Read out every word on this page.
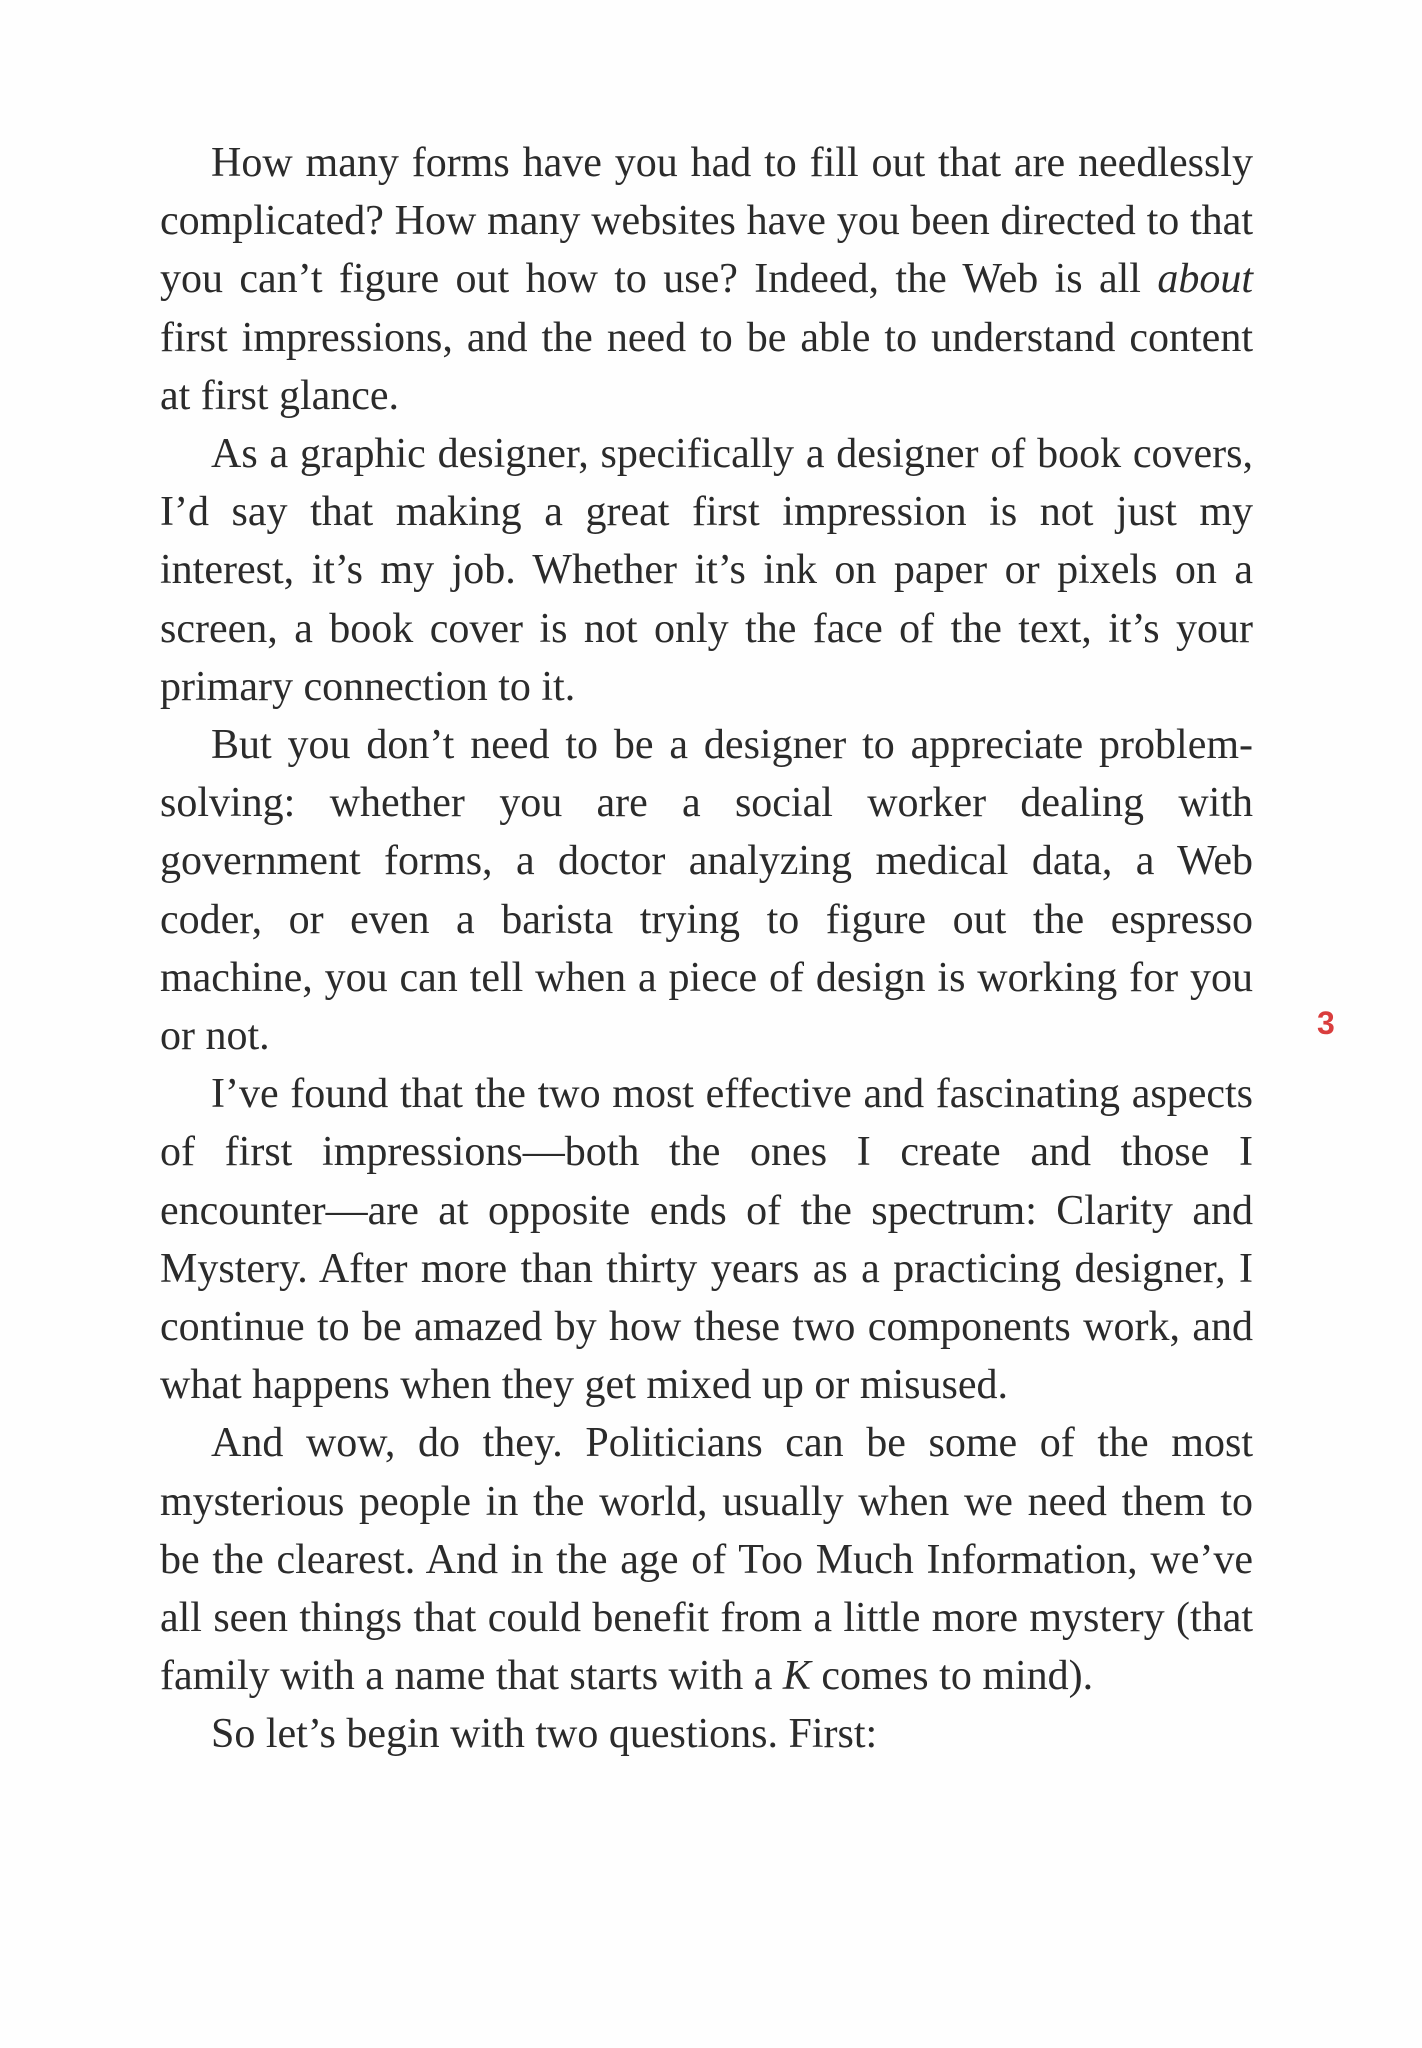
How many forms have you had to fill out that are needlessly complicated? How many websites have you been directed to that you can’t figure out how to use? Indeed, the Web is all about first impressions, and the need to be able to understand content at first glance.

As a graphic designer, specifically a designer of book covers, I’d say that making a great first impression is not just my interest, it’s my job. Whether it’s ink on paper or pixels on a screen, a book cover is not only the face of the text, it’s your primary connection to it.

But you don’t need to be a designer to appreciate problem-solving: whether you are a social worker dealing with government forms, a doctor analyzing medical data, a Web coder, or even a barista trying to figure out the espresso machine, you can tell when a piece of design is working for you or not.

I’ve found that the two most effective and fascinating aspects of first impressions—both the ones I create and those I encounter—are at opposite ends of the spectrum: Clarity and Mystery. After more than thirty years as a practicing designer, I continue to be amazed by how these two components work, and what happens when they get mixed up or misused.

And wow, do they. Politicians can be some of the most mysterious people in the world, usually when we need them to be the clearest. And in the age of Too Much Information, we’ve all seen things that could benefit from a little more mystery (that family with a name that starts with a K comes to mind).

So let’s begin with two questions. First:

3
